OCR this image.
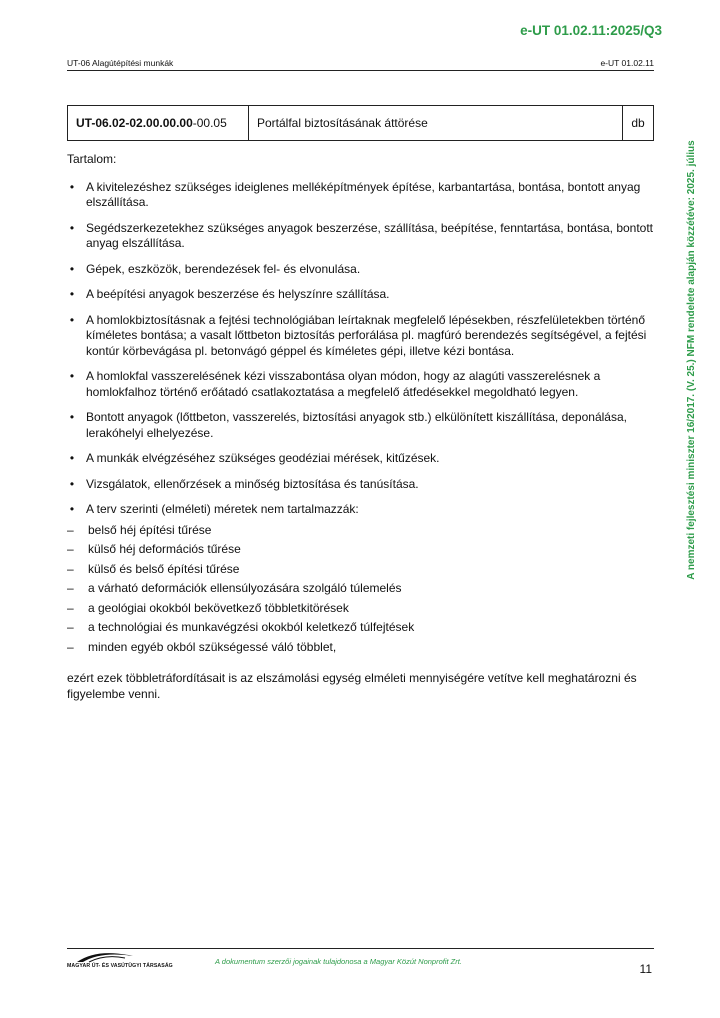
e-UT 01.02.11:2025/Q3
UT-06 Alagútépítési munkák	e-UT 01.02.11
UT-06.02-02.00.00.00 -00.05	Portálfal biztosításának áttörése	db

Tartalom:

• A kivitelezéshez szükséges ideiglenes melléképítmények építése, karbantartása, bontása, bontott anyag elszállítása.
• Segédszerkezetekhez szükséges anyagok beszerzése, szállítása, beépítése, fenntartása, bontása, bontott anyag elszállítása.
• Gépek, eszközök, berendezések fel- és elvonulása.
• A beépítési anyagok beszerzése és helyszínre szállítása.
• A homlokbiztosításnak a fejtési technológiában leírtaknak megfelelő lépésekben, részfelületekben történő kíméletes bontása; a vasalt lőttbeton biztosítás perforálása pl. magfúró berendezés segítségével, a fejtési kontúr körbevágása pl. betonvágó géppel és kíméletes gépi, illetve kézi bontása.
• A homlokfal vasszerelésének kézi visszabontása olyan módon, hogy az alagúti vasszerelésnek a homlokfalhoz történő erőátadó csatlakoztatása a megfelelő átfedésekkel megoldható legyen.
• Bontott anyagok (lőttbeton, vasszerelés, biztosítási anyagok stb.) elkülönített kiszállítása, deponálása, lerakóhelyi elhelyezése.
• A munkák elvégzéséhez szükséges geodéziai mérések, kitűzések.
• Vizsgálatok, ellenőrzések a minőség biztosítása és tanúsítása.
• A terv szerinti (elméleti) méretek nem tartalmazzák:
– belső héj építési tűrése
– külső héj deformációs tűrése
– külső és belső építési tűrése
– a várható deformációk ellensúlyozására szolgáló túlemelés
– a geológiai okokból bekövetkező többletkitörések
– a technológiai és munkavégzési okokból keletkező túlfejtések
– minden egyéb okból szükségessé váló többlet,

ezért ezek többletráfordításait is az elszámolási egység elméleti mennyiségére vetítve kell meghatározni és figyelembe venni.

A nemzeti fejlesztési miniszter 16/2017. (V. 25.) NFM rendelete alapján közzétéve: 2025. július
MAGYAR ÚT- ÉS VASÚTÜGYI TÁRSASÁG	A dokumentum szerzői jogainak tulajdonosa a Magyar Közút Nonprofit Zrt.
11
